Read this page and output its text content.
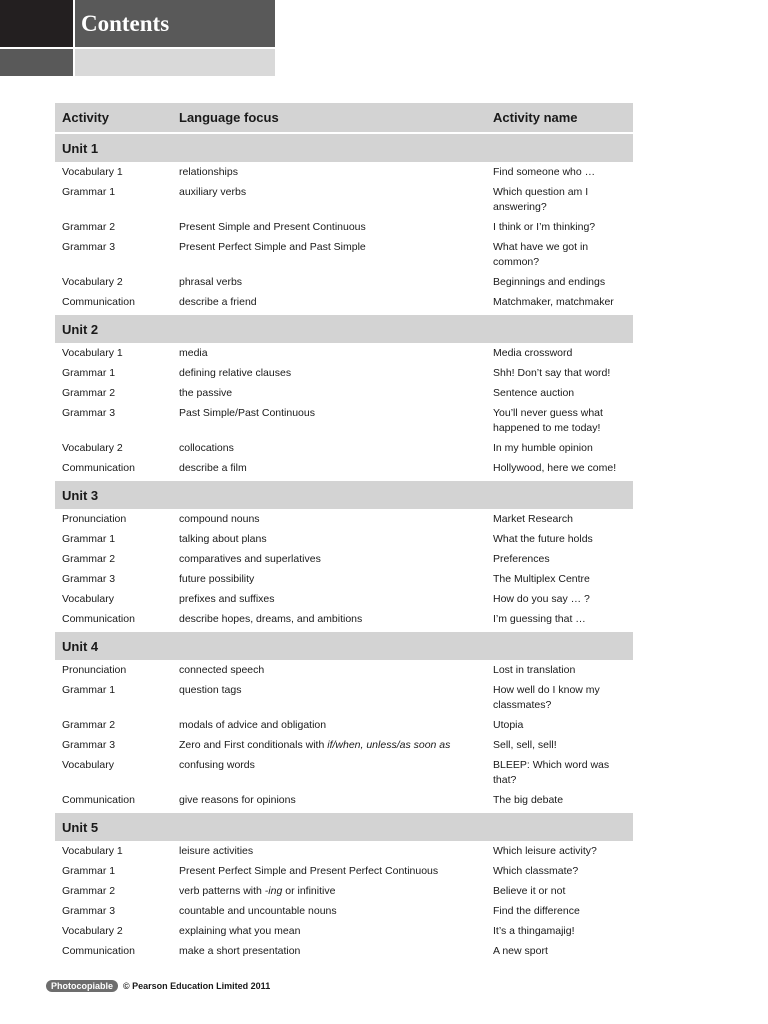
Contents
Activity	Language focus	Activity name
Unit 1
Vocabulary 1	relationships	Find someone who …
Grammar 1	auxiliary verbs	Which question am I answering?
Grammar 2	Present Simple and Present Continuous	I think or I’m thinking?
Grammar 3	Present Perfect Simple and Past Simple	What have we got in common?
Vocabulary 2	phrasal verbs	Beginnings and endings
Communication	describe a friend	Matchmaker, matchmaker
Unit 2
Vocabulary 1	media	Media crossword
Grammar 1	defining relative clauses	Shh! Don’t say that word!
Grammar 2	the passive	Sentence auction
Grammar 3	Past Simple/Past Continuous	You’ll never guess what happened to me today!
Vocabulary 2	collocations	In my humble opinion
Communication	describe a film	Hollywood, here we come!
Unit 3
Pronunciation	compound nouns	Market Research
Grammar 1	talking about plans	What the future holds
Grammar 2	comparatives and superlatives	Preferences
Grammar 3	future possibility	The Multiplex Centre
Vocabulary	prefixes and suffixes	How do you say … ?
Communication	describe hopes, dreams, and ambitions	I’m guessing that …
Unit 4
Pronunciation	connected speech	Lost in translation
Grammar 1	question tags	How well do I know my classmates?
Grammar 2	modals of advice and obligation	Utopia
Grammar 3	Zero and First conditionals with if/when, unless/as soon as	Sell, sell, sell!
Vocabulary	confusing words	BLEEP: Which word was that?
Communication	give reasons for opinions	The big debate
Unit 5
Vocabulary 1	leisure activities	Which leisure activity?
Grammar 1	Present Perfect Simple and Present Perfect Continuous	Which classmate?
Grammar 2	verb patterns with -ing or infinitive	Believe it or not
Grammar 3	countable and uncountable nouns	Find the difference
Vocabulary 2	explaining what you mean	It’s a thingamajig!
Communication	make a short presentation	A new sport
Photocopiable	© Pearson Education Limited 2011
